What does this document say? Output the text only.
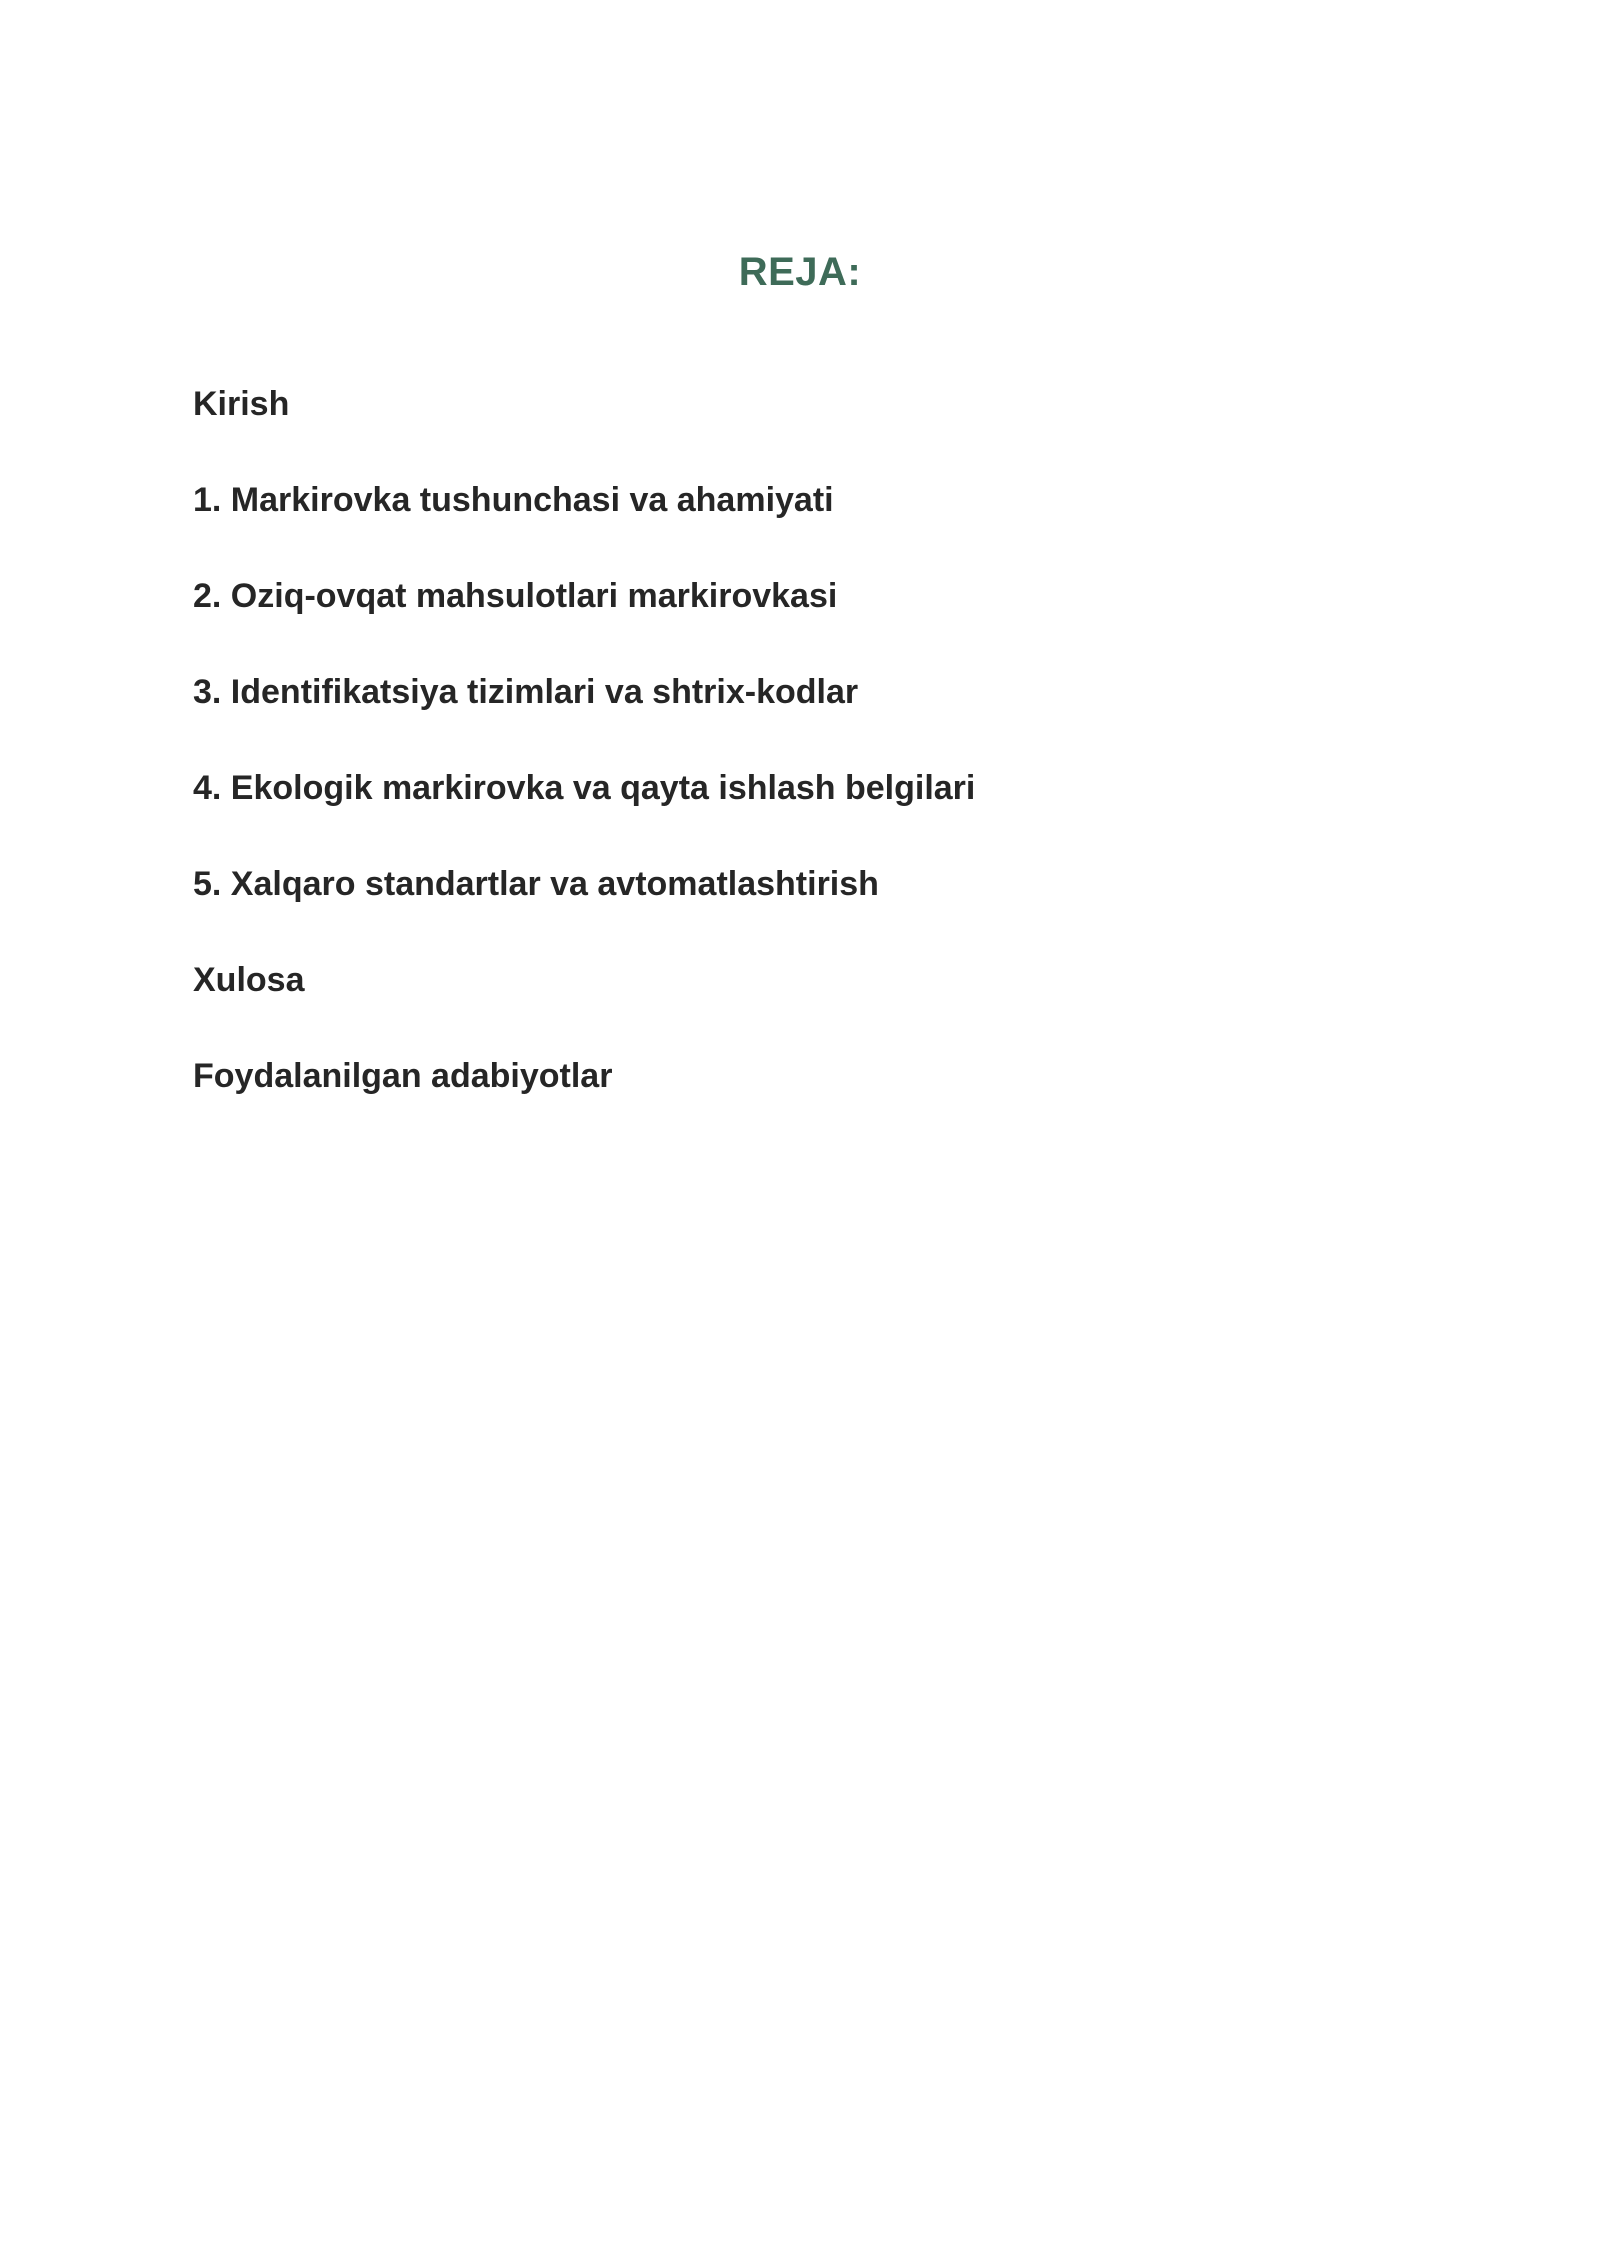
REJA:
Kirish
1. Markirovka tushunchasi va ahamiyati
2. Oziq-ovqat mahsulotlari markirovkasi
3. Identifikatsiya tizimlari va shtrix-kodlar
4. Ekologik markirovka va qayta ishlash belgilari
5. Xalqaro standartlar va avtomatlashtirish
Xulosa
Foydalanilgan adabiyotlar
